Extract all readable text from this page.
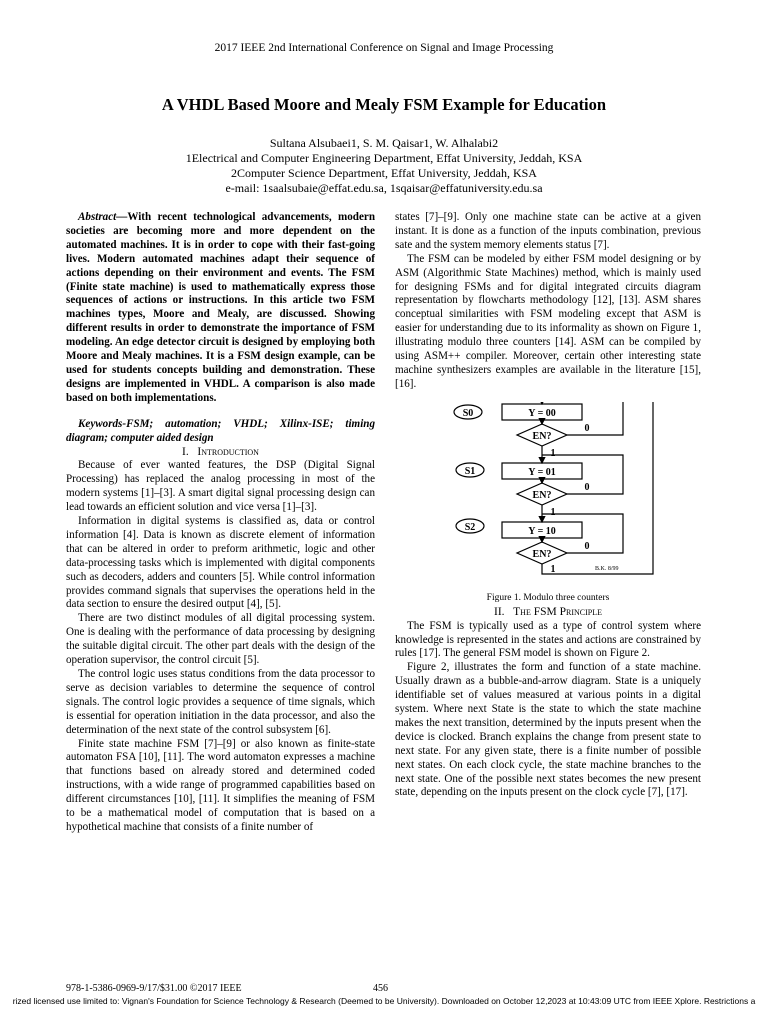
2017 IEEE 2nd International Conference on Signal and Image Processing
A VHDL Based Moore and Mealy FSM Example for Education
Sultana Alsubaei1, S. M. Qaisar1, W. Alhalabi2
1Electrical and Computer Engineering Department, Effat University, Jeddah, KSA
2Computer Science Department, Effat University, Jeddah, KSA
e-mail: 1saalsubaie@effat.edu.sa, 1sqaisar@effatuniversity.edu.sa

Abstract—With recent technological advancements, modern societies are becoming more and more dependent on the automated machines. It is in order to cope with their fast-going lives. Modern automated machines adapt their sequence of actions depending on their environment and events. The FSM (Finite state machine) is used to mathematically express those sequences of actions or instructions. In this article two FSM machines types, Moore and Mealy, are discussed. Showing different results in order to demonstrate the importance of FSM modeling. An edge detector circuit is designed by employing both Moore and Mealy machines. It is a FSM design example, can be used for students concepts building and demonstration. These designs are implemented in VHDL. A comparison is also made based on both implementations.

Keywords-FSM; automation; VHDL; Xilinx-ISE; timing diagram; computer aided design

I. Introduction

Because of ever wanted features, the DSP (Digital Signal Processing) has replaced the analog processing in most of the modern systems [1]–[3]. A smart digital signal processing design can lead towards an efficient solution and vice versa [1]–[3].

Information in digital systems is classified as, data or control information [4]. Data is known as discrete element of information that can be altered in order to preform arithmetic, logic and other data-processing tasks which is implemented with digital components such as decoders, adders and counters [5]. While control information provides command signals that supervises the operations held in the data section to ensure the desired output [4], [5].

There are two distinct modules of all digital processing system. One is dealing with the performance of data processing by designing the suitable digital circuit. The other part deals with the design of the operation supervisor, the control circuit [5].

The control logic uses status conditions from the data processor to serve as decision variables to determine the sequence of control signals. The control logic provides a sequence of time signals, which is essential for operation initiation in the data processor, and also the determination of the next state of the control subsystem [6].

Finite state machine FSM [7]–[9] or also known as finite-state automaton FSA [10], [11]. The word automaton expresses a machine that functions based on already stored and determined coded instructions, with a wide range of programmed capabilities based on different circumstances [10], [11]. It simplifies the meaning of FSM to be a mathematical model of computation that is based on a hypothetical machine that consists of a finite number of

states [7]–[9]. Only one machine state can be active at a given instant. It is done as a function of the inputs combination, previous sate and the system memory elements status [7].

The FSM can be modeled by either FSM model designing or by ASM (Algorithmic State Machines) method, which is mainly used for designing FSMs and for digital integrated circuits diagram representation by flowcharts methodology [12], [13]. ASM shares conceptual similarities with FSM modeling except that ASM is easier for understanding due to its informality as shown on Figure 1, illustrating modulo three counters [14]. ASM can be compiled by using ASM++ compiler. Moreover, certain other interesting state machine synthesizers examples are available in the literature [15], [16].

S0
S1
S2
Y = 00
Y = 01
Y = 10
EN?
EN?
EN?
0
0
0
1
1
1	B.K. 8/99

Figure 1. Modulo three counters

II. The FSM Principle

The FSM is typically used as a type of control system where knowledge is represented in the states and actions are constrained by rules [17]. The general FSM model is shown on Figure 2.

Figure 2, illustrates the form and function of a state machine. Usually drawn as a bubble-and-arrow diagram. State is a uniquely identifiable set of values measured at various points in a digital system. Where next State is the state to which the state machine makes the next transition, determined by the inputs present when the device is clocked. Branch explains the change from present state to next state. For any given state, there is a finite number of possible next states. On each clock cycle, the state machine branches to the next state. One of the possible next states becomes the new present state, depending on the inputs present on the clock cycle [7], [17].

978-1-5386-0969-9/17/$31.00 ©2017 IEEE	456
rized licensed use limited to: Vignan's Foundation for Science Technology & Research (Deemed to be University). Downloaded on October 12,2023 at 10:43:09 UTC from IEEE Xplore. Restrictions a
